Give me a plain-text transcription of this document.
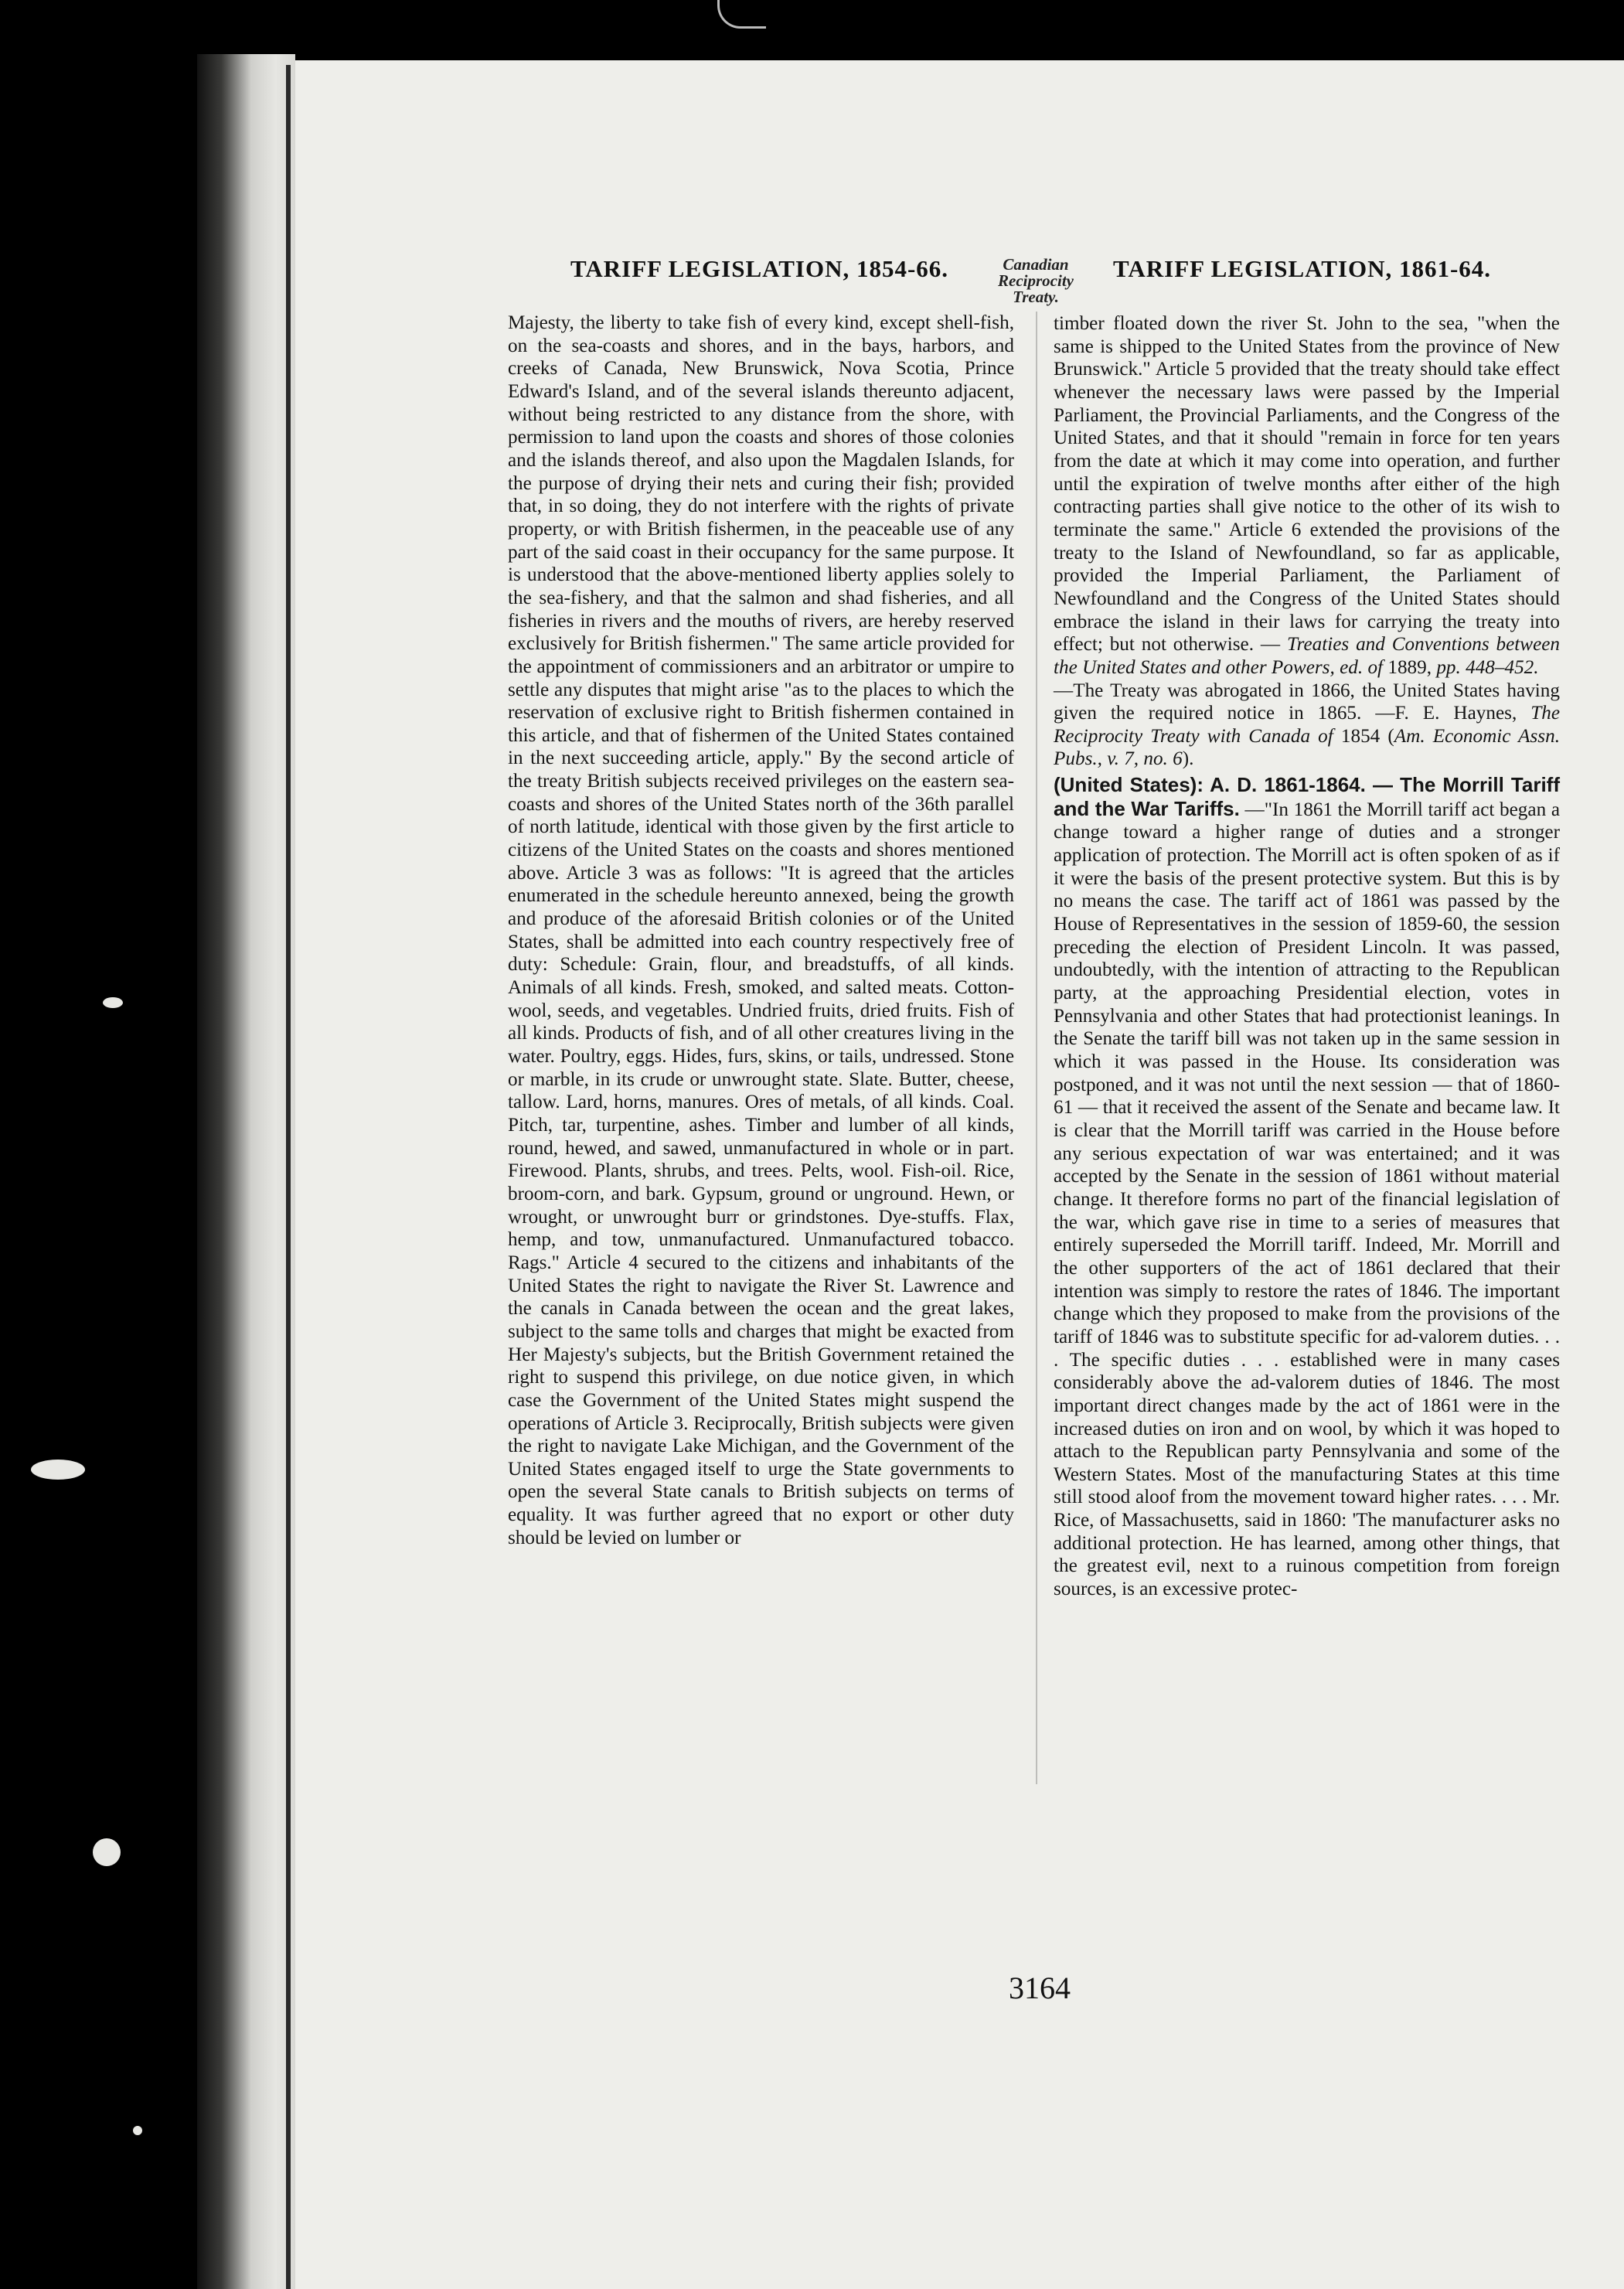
TARIFF LEGISLATION, 1854-66.	Canadian
Reciprocity
Treaty.
TARIFF LEGISLATION, 1861-64.

Majesty, the liberty to take fish of every kind, except shell-fish, on the sea-coasts and shores, and in the bays, harbors, and creeks of Canada, New Brunswick, Nova Scotia, Prince Edward's Island, and of the several islands thereunto adjacent, without being restricted to any distance from the shore, with permission to land upon the coasts and shores of those colonies and the islands thereof, and also upon the Magdalen Islands, for the purpose of drying their nets and curing their fish; provided that, in so doing, they do not interfere with the rights of private property, or with British fishermen, in the peaceable use of any part of the said coast in their occupancy for the same purpose. It is understood that the above-mentioned liberty applies solely to the sea-fishery, and that the salmon and shad fisheries, and all fisheries in rivers and the mouths of rivers, are hereby reserved exclusively for British fishermen." The same article provided for the appointment of commissioners and an arbitrator or umpire to settle any disputes that might arise "as to the places to which the reservation of exclusive right to British fishermen contained in this article, and that of fishermen of the United States contained in the next succeeding article, apply." By the second article of the treaty British subjects received privileges on the eastern sea-coasts and shores of the United States north of the 36th parallel of north latitude, identical with those given by the first article to citizens of the United States on the coasts and shores mentioned above. Article 3 was as follows: "It is agreed that the articles enumerated in the schedule hereunto annexed, being the growth and produce of the aforesaid British colonies or of the United States, shall be admitted into each country respectively free of duty: Schedule: Grain, flour, and breadstuffs, of all kinds. Animals of all kinds. Fresh, smoked, and salted meats. Cotton-wool, seeds, and vegetables. Undried fruits, dried fruits. Fish of all kinds. Products of fish, and of all other creatures living in the water. Poultry, eggs. Hides, furs, skins, or tails, undressed. Stone or marble, in its crude or unwrought state. Slate. Butter, cheese, tallow. Lard, horns, manures. Ores of metals, of all kinds. Coal. Pitch, tar, turpentine, ashes. Timber and lumber of all kinds, round, hewed, and sawed, unmanufactured in whole or in part. Firewood. Plants, shrubs, and trees. Pelts, wool. Fish-oil. Rice, broom-corn, and bark. Gypsum, ground or unground. Hewn, or wrought, or unwrought burr or grindstones. Dye-stuffs. Flax, hemp, and tow, unmanufactured. Unmanufactured tobacco. Rags." Article 4 secured to the citizens and inhabitants of the United States the right to navigate the River St. Lawrence and the canals in Canada between the ocean and the great lakes, subject to the same tolls and charges that might be exacted from Her Majesty's subjects, but the British Government retained the right to suspend this privilege, on due notice given, in which case the Government of the United States might suspend the operations of Article 3. Reciprocally, British subjects were given the right to navigate Lake Michigan, and the Government of the United States engaged itself to urge the State governments to open the several State canals to British subjects on terms of equality. It was further agreed that no export or other duty should be levied on lumber or

timber floated down the river St. John to the sea, "when the same is shipped to the United States from the province of New Brunswick." Article 5 provided that the treaty should take effect whenever the necessary laws were passed by the Imperial Parliament, the Provincial Parliaments, and the Congress of the United States, and that it should "remain in force for ten years from the date at which it may come into operation, and further until the expiration of twelve months after either of the high contracting parties shall give notice to the other of its wish to terminate the same." Article 6 extended the provisions of the treaty to the Island of Newfoundland, so far as applicable, provided the Imperial Parliament, the Parliament of Newfoundland and the Congress of the United States should embrace the island in their laws for carrying the treaty into effect; but not otherwise. — Treaties and Conventions between the United States and other Powers, ed. of 1889, pp. 448–452.

—The Treaty was abrogated in 1866, the United States having given the required notice in 1865. —F. E. Haynes, The Reciprocity Treaty with Canada of 1854 (Am. Economic Assn. Pubs., v. 7, no. 6).

(United States): A. D. 1861-1864. — The Morrill Tariff and the War Tariffs. —"In 1861 the Morrill tariff act began a change toward a higher range of duties and a stronger application of protection. The Morrill act is often spoken of as if it were the basis of the present protective system. But this is by no means the case. The tariff act of 1861 was passed by the House of Representatives in the session of 1859-60, the session preceding the election of President Lincoln. It was passed, undoubtedly, with the intention of attracting to the Republican party, at the approaching Presidential election, votes in Pennsylvania and other States that had protectionist leanings. In the Senate the tariff bill was not taken up in the same session in which it was passed in the House. Its consideration was postponed, and it was not until the next session — that of 1860-61 — that it received the assent of the Senate and became law. It is clear that the Morrill tariff was carried in the House before any serious expectation of war was entertained; and it was accepted by the Senate in the session of 1861 without material change. It therefore forms no part of the financial legislation of the war, which gave rise in time to a series of measures that entirely superseded the Morrill tariff. Indeed, Mr. Morrill and the other supporters of the act of 1861 declared that their intention was simply to restore the rates of 1846. The important change which they proposed to make from the provisions of the tariff of 1846 was to substitute specific for ad-valorem duties. . . . The specific duties . . . established were in many cases considerably above the ad-valorem duties of 1846. The most important direct changes made by the act of 1861 were in the increased duties on iron and on wool, by which it was hoped to attach to the Republican party Pennsylvania and some of the Western States. Most of the manufacturing States at this time still stood aloof from the movement toward higher rates. . . . Mr. Rice, of Massachusetts, said in 1860: 'The manufacturer asks no additional protection. He has learned, among other things, that the greatest evil, next to a ruinous competition from foreign sources, is an excessive protec-

3164
